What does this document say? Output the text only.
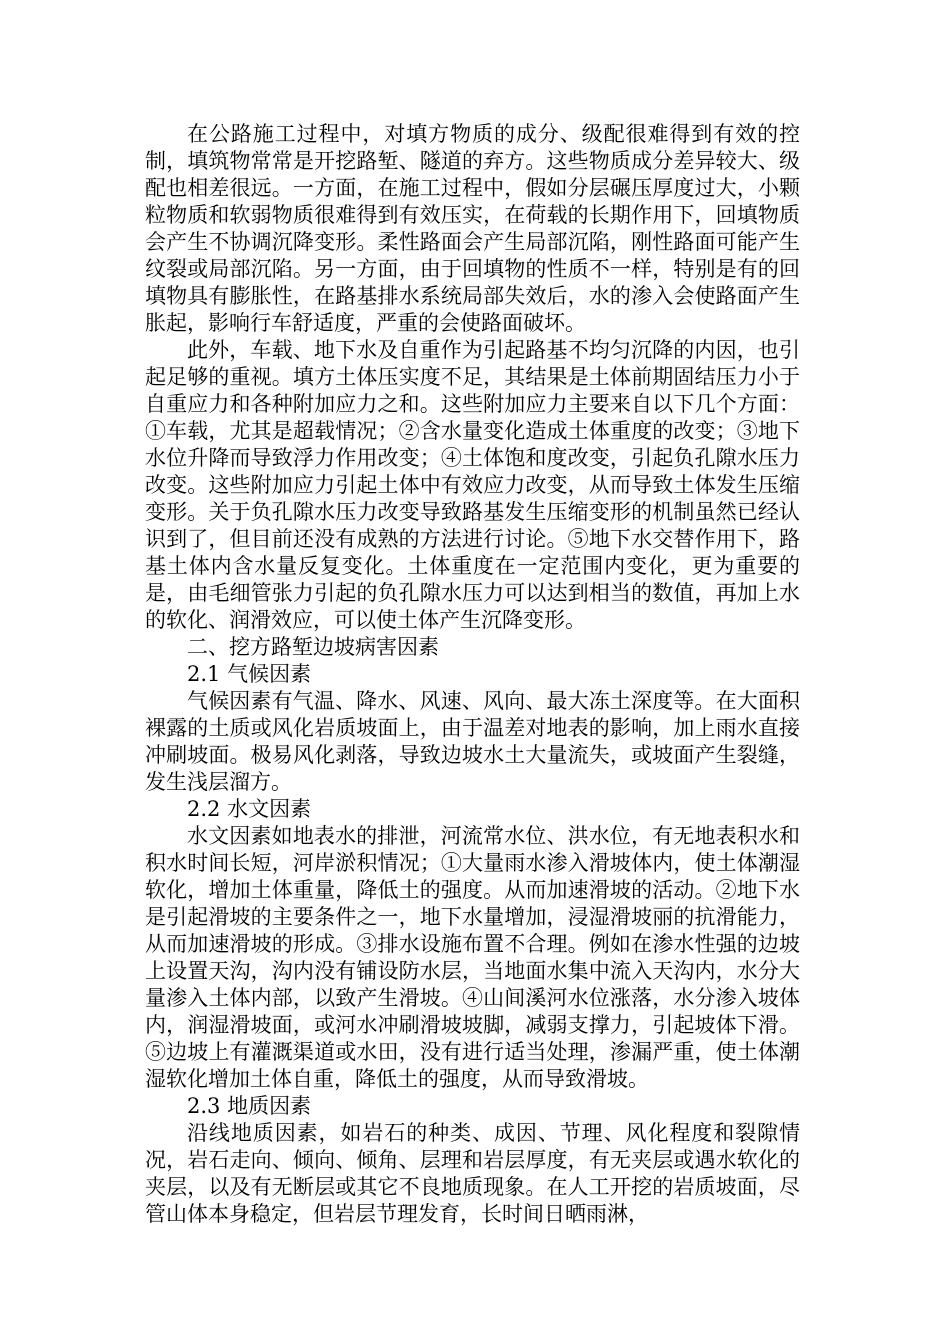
在公路施工过程中，对填方物质的成分、级配很难得到有效的控制，填筑物常常是开挖路堑、隧道的弃方。这些物质成分差异较大、级配也相差很远。一方面，在施工过程中，假如分层碾压厚度过大，小颗粒物质和软弱物质很难得到有效压实，在荷载的长期作用下，回填物质会产生不协调沉降变形。柔性路面会产生局部沉陷，刚性路面可能产生纹裂或局部沉陷。另一方面，由于回填物的性质不一样，特别是有的回填物具有膨胀性，在路基排水系统局部失效后，水的渗入会使路面产生胀起，影响行车舒适度，严重的会使路面破坏。

此外，车载、地下水及自重作为引起路基不均匀沉降的内因，也引起足够的重视。填方土体压实度不足，其结果是土体前期固结压力小于自重应力和各种附加应力之和。这些附加应力主要来自以下几个方面：①车载，尤其是超载情况；②含水量变化造成土体重度的改变；③地下水位升降而导致浮力作用改变；④土体饱和度改变，引起负孔隙水压力改变。这些附加应力引起土体中有效应力改变，从而导致土体发生压缩变形。关于负孔隙水压力改变导致路基发生压缩变形的机制虽然已经认识到了，但目前还没有成熟的方法进行讨论。⑤地下水交替作用下，路基土体内含水量反复变化。土体重度在一定范围内变化，更为重要的是，由毛细管张力引起的负孔隙水压力可以达到相当的数值，再加上水的软化、润滑效应，可以使土体产生沉降变形。

二、挖方路堑边坡病害因素

2.1 气候因素

气候因素有气温、降水、风速、风向、最大冻土深度等。在大面积裸露的土质或风化岩质坡面上，由于温差对地表的影响，加上雨水直接冲刷坡面。极易风化剥落，导致边坡水土大量流失，或坡面产生裂缝，发生浅层溜方。

2.2 水文因素

水文因素如地表水的排泄，河流常水位、洪水位，有无地表积水和积水时间长短，河岸淤积情况；①大量雨水渗入滑坡体内，使土体潮湿软化，增加土体重量，降低土的强度。从而加速滑坡的活动。②地下水是引起滑坡的主要条件之一，地下水量增加，浸湿滑坡丽的抗滑能力，从而加速滑坡的形成。③排水设施布置不合理。例如在渗水性强的边坡上设置天沟，沟内没有铺设防水层，当地面水集中流入天沟内，水分大量渗入土体内部，以致产生滑坡。④山间溪河水位涨落，水分渗入坡体内，润湿滑坡面，或河水冲刷滑坡坡脚，减弱支撑力，引起坡体下滑。⑤边坡上有灌溉渠道或水田，没有进行适当处理，渗漏严重，使土体潮湿软化增加土体自重，降低土的强度，从而导致滑坡。

2.3 地质因素

沿线地质因素，如岩石的种类、成因、节理、风化程度和裂隙情况，岩石走向、倾向、倾角、层理和岩层厚度，有无夹层或遇水软化的夹层，以及有无断层或其它不良地质现象。在人工开挖的岩质坡面，尽管山体本身稳定，但岩层节理发育，长时间日晒雨淋，
